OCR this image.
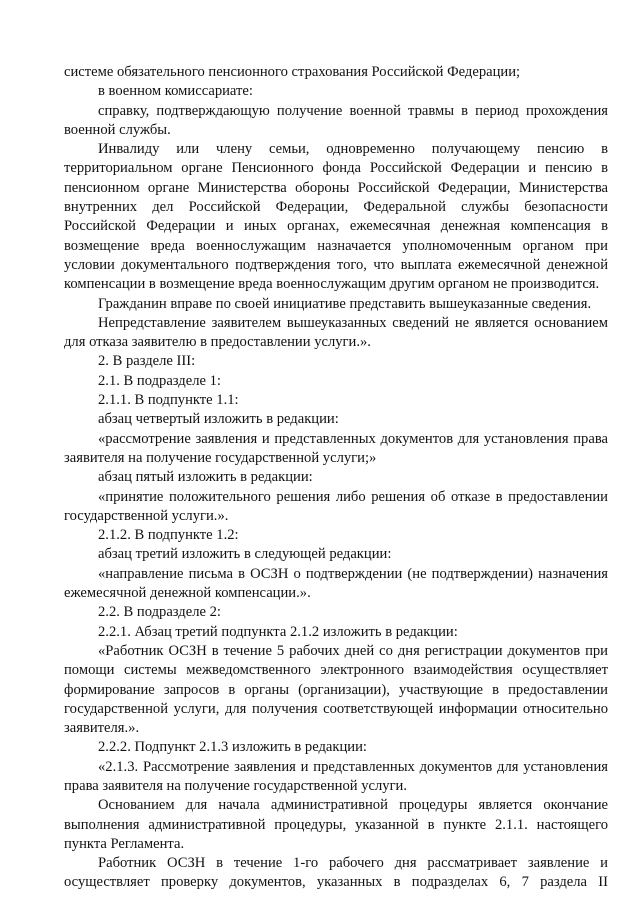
системе обязательного пенсионного страхования Российской Федерации;

в военном комиссариате:

справку, подтверждающую получение военной травмы в период прохождения военной службы.

Инвалиду или члену семьи, одновременно получающему пенсию в территориальном органе Пенсионного фонда Российской Федерации и пенсию в пенсионном органе Министерства обороны Российской Федерации, Министерства внутренних дел Российской Федерации, Федеральной службы безопасности Российской Федерации и иных органах, ежемесячная денежная компенсация в возмещение вреда военнослужащим назначается уполномоченным органом при условии документального подтверждения того, что выплата ежемесячной денежной компенсации в возмещение вреда военнослужащим другим органом не производится.

Гражданин вправе по своей инициативе представить вышеуказанные сведения.

Непредставление заявителем вышеуказанных сведений не является основанием для отказа заявителю в предоставлении услуги.».

2. В разделе III:

2.1. В подразделе 1:

2.1.1. В подпункте 1.1:

абзац четвертый изложить в редакции:

«рассмотрение заявления и представленных документов для установления права заявителя на получение государственной услуги;»

абзац пятый изложить в редакции:

«принятие положительного решения либо решения об отказе в предоставлении государственной услуги.».

2.1.2. В подпункте 1.2:

абзац третий изложить в следующей редакции:

«направление письма в ОСЗН о подтверждении (не подтверждении) назначения ежемесячной денежной компенсации.».

2.2. В подразделе 2:

2.2.1. Абзац третий подпункта 2.1.2 изложить в редакции:

«Работник ОСЗН в течение 5 рабочих дней со дня регистрации документов при помощи системы межведомственного электронного взаимодействия осуществляет формирование запросов в органы (организации), участвующие в предоставлении государственной услуги, для получения соответствующей информации относительно заявителя.».

2.2.2. Подпункт 2.1.3 изложить в редакции:

«2.1.3. Рассмотрение заявления и представленных документов для установления права заявителя на получение государственной услуги.

Основанием для начала административной процедуры является окончание выполнения административной процедуры, указанной в пункте 2.1.1. настоящего пункта Регламента.

Работник ОСЗН в течение 1-го рабочего дня рассматривает заявление и
осуществляет проверку документов, указанных в подразделах 6, 7 раздела II
